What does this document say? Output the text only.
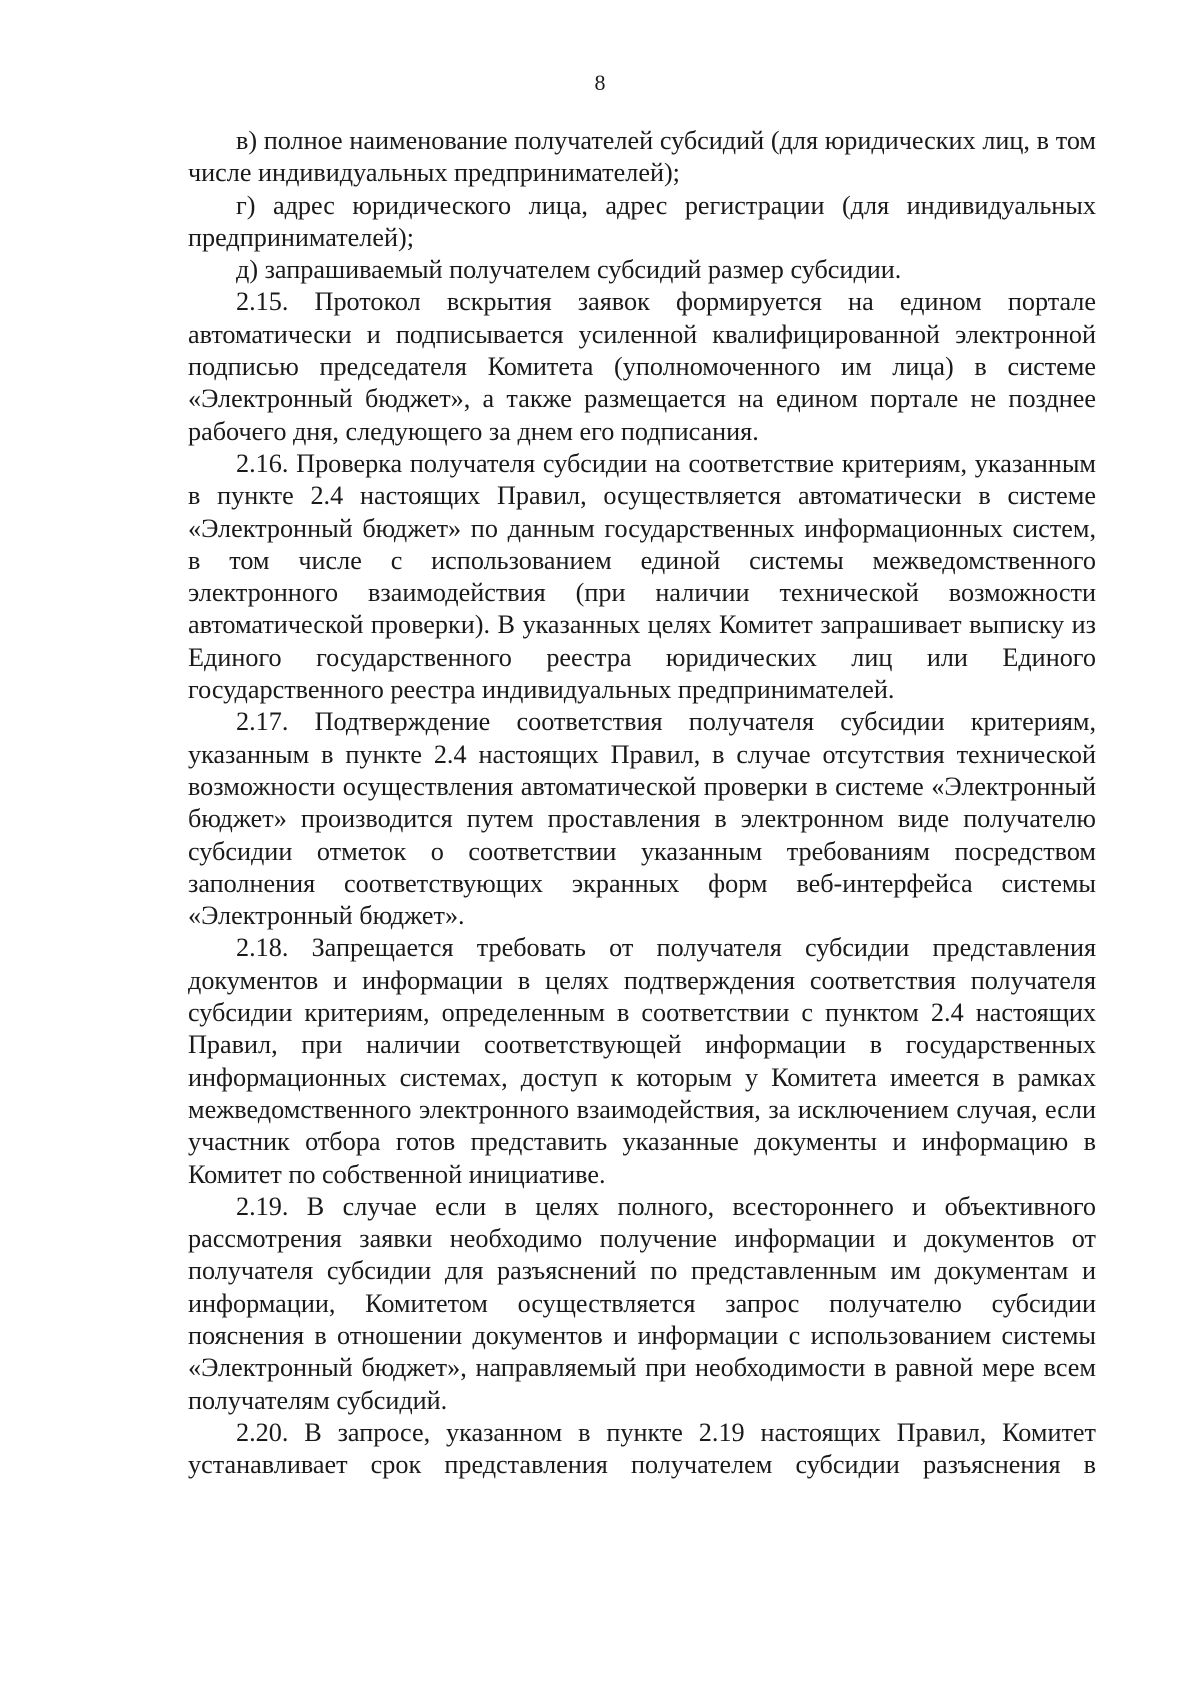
8

в) полное наименование получателей субсидий (для юридических лиц, в том числе индивидуальных предпринимателей);

г) адрес юридического лица, адрес регистрации (для индивидуальных предпринимателей);

д) запрашиваемый получателем субсидий размер субсидии.

2.15. Протокол вскрытия заявок формируется на едином портале автоматически и подписывается усиленной квалифицированной электронной подписью председателя Комитета (уполномоченного им лица) в системе «Электронный бюджет», а также размещается на едином портале не позднее рабочего дня, следующего за днем его подписания.

2.16. Проверка получателя субсидии на соответствие критериям, указанным в пункте 2.4 настоящих Правил, осуществляется автоматически в системе «Электронный бюджет» по данным государственных информационных систем, в том числе с использованием единой системы межведомственного электронного взаимодействия (при наличии технической возможности автоматической проверки). В указанных целях Комитет запрашивает выписку из Единого государственного реестра юридических лиц или Единого государственного реестра индивидуальных предпринимателей.

2.17. Подтверждение соответствия получателя субсидии критериям, указанным в пункте 2.4 настоящих Правил, в случае отсутствия технической возможности осуществления автоматической проверки в системе «Электронный бюджет» производится путем проставления в электронном виде получателю субсидии отметок о соответствии указанным требованиям посредством заполнения соответствующих экранных форм веб-интерфейса системы «Электронный бюджет».

2.18. Запрещается требовать от получателя субсидии представления документов и информации в целях подтверждения соответствия получателя субсидии критериям, определенным в соответствии с пунктом 2.4 настоящих Правил, при наличии соответствующей информации в государственных информационных системах, доступ к которым у Комитета имеется в рамках межведомственного электронного взаимодействия, за исключением случая, если участник отбора готов представить указанные документы и информацию в Комитет по собственной инициативе.

2.19. В случае если в целях полного, всестороннего и объективного рассмотрения заявки необходимо получение информации и документов от получателя субсидии для разъяснений по представленным им документам и информации, Комитетом осуществляется запрос получателю субсидии пояснения в отношении документов и информации с использованием системы «Электронный бюджет», направляемый при необходимости в равной мере всем получателям субсидий.

2.20. В запросе, указанном в пункте 2.19 настоящих Правил, Комитет устанавливает срок представления получателем субсидии разъяснения в
